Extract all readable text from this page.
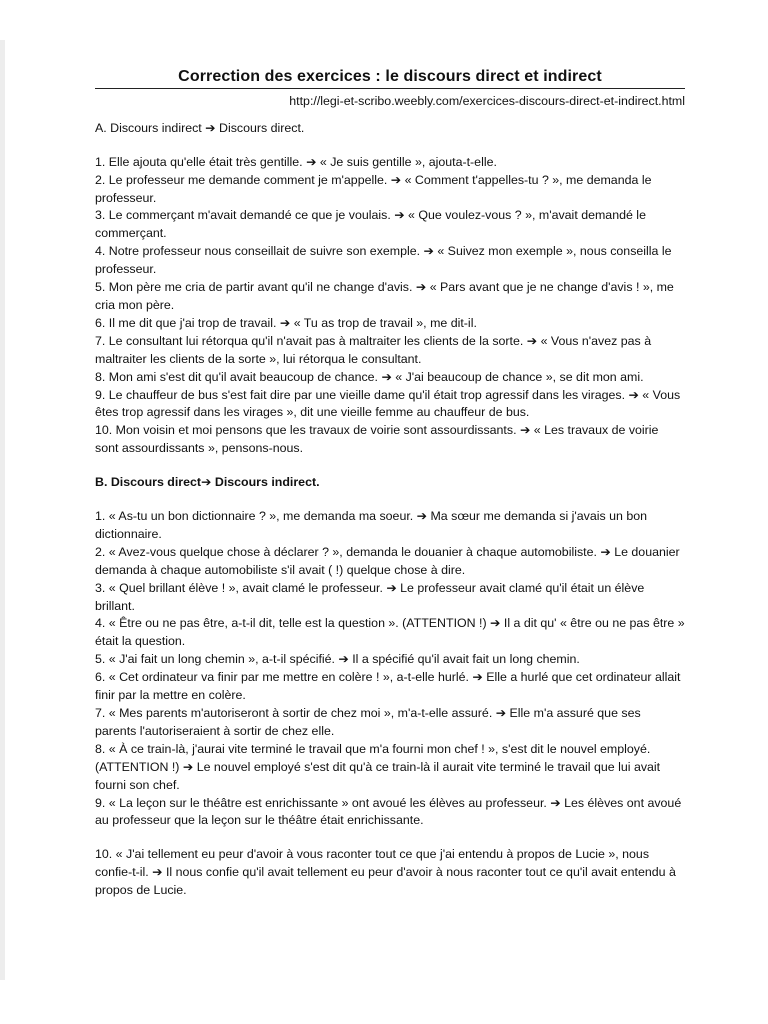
Correction des exercices : le discours direct et indirect
http://legi-et-scribo.weebly.com/exercices-discours-direct-et-indirect.html
A. Discours indirect ➔ Discours direct.

1. Elle ajouta qu'elle était très gentille. ➔ « Je suis gentille », ajouta-t-elle.

2. Le professeur me demande comment je m'appelle. ➔ « Comment t'appelles-tu ? », me demanda le professeur.

3. Le commerçant m'avait demandé ce que je voulais. ➔ « Que voulez-vous ? », m'avait demandé le commerçant.

4. Notre professeur nous conseillait de suivre son exemple. ➔ « Suivez mon exemple », nous conseilla le professeur.

5. Mon père me cria de partir avant qu'il ne change d'avis. ➔ « Pars avant que je ne change d'avis ! », me cria mon père.

6. Il me dit que j'ai trop de travail. ➔ « Tu as trop de travail », me dit-il.

7. Le consultant lui rétorqua qu'il n'avait pas à maltraiter les clients de la sorte. ➔ « Vous n'avez pas à maltraiter les clients de la sorte », lui rétorqua le consultant.

8. Mon ami s'est dit qu'il avait beaucoup de chance. ➔ « J'ai beaucoup de chance », se dit mon ami.

9. Le chauffeur de bus s'est fait dire par une vieille dame qu'il était trop agressif dans les virages. ➔ « Vous êtes trop agressif dans les virages », dit une vieille femme au chauffeur de bus.

10. Mon voisin et moi pensons que les travaux de voirie sont assourdissants. ➔ « Les travaux de voirie sont assourdissants », pensons-nous.

B. Discours direct➔ Discours indirect.

1. « As-tu un bon dictionnaire ? », me demanda ma soeur. ➔ Ma sœur me demanda si j'avais un bon dictionnaire.

2. « Avez-vous quelque chose à déclarer ? », demanda le douanier à chaque automobiliste. ➔ Le douanier demanda à chaque automobiliste s'il avait ( !) quelque chose à dire.

3. « Quel brillant élève ! », avait clamé le professeur. ➔ Le professeur avait clamé qu'il était un élève brillant.

4. « Être ou ne pas être, a-t-il dit, telle est la question ». (ATTENTION !) ➔ Il a dit qu' « être ou ne pas être » était la question.

5. « J'ai fait un long chemin », a-t-il spécifié. ➔ Il a spécifié qu'il avait fait un long chemin.

6. « Cet ordinateur va finir par me mettre en colère ! », a-t-elle hurlé. ➔ Elle a hurlé que cet ordinateur allait finir par la mettre en colère.

7. « Mes parents m'autoriseront à sortir de chez moi », m'a-t-elle assuré. ➔ Elle m'a assuré que ses parents l'autoriseraient à sortir de chez elle.

8. « À ce train-là, j'aurai vite terminé le travail que m'a fourni mon chef ! », s'est dit le nouvel employé. (ATTENTION !) ➔ Le nouvel employé s'est dit qu'à ce train-là il aurait vite terminé le travail que lui avait fourni son chef.

9. « La leçon sur le théâtre est enrichissante » ont avoué les élèves au professeur. ➔ Les élèves ont avoué au professeur que la leçon sur le théâtre était enrichissante.

10. « J'ai tellement eu peur d'avoir à vous raconter tout ce que j'ai entendu à propos de Lucie », nous confie-t-il. ➔ Il nous confie qu'il avait tellement eu peur d'avoir à nous raconter tout ce qu'il avait entendu à propos de Lucie.
